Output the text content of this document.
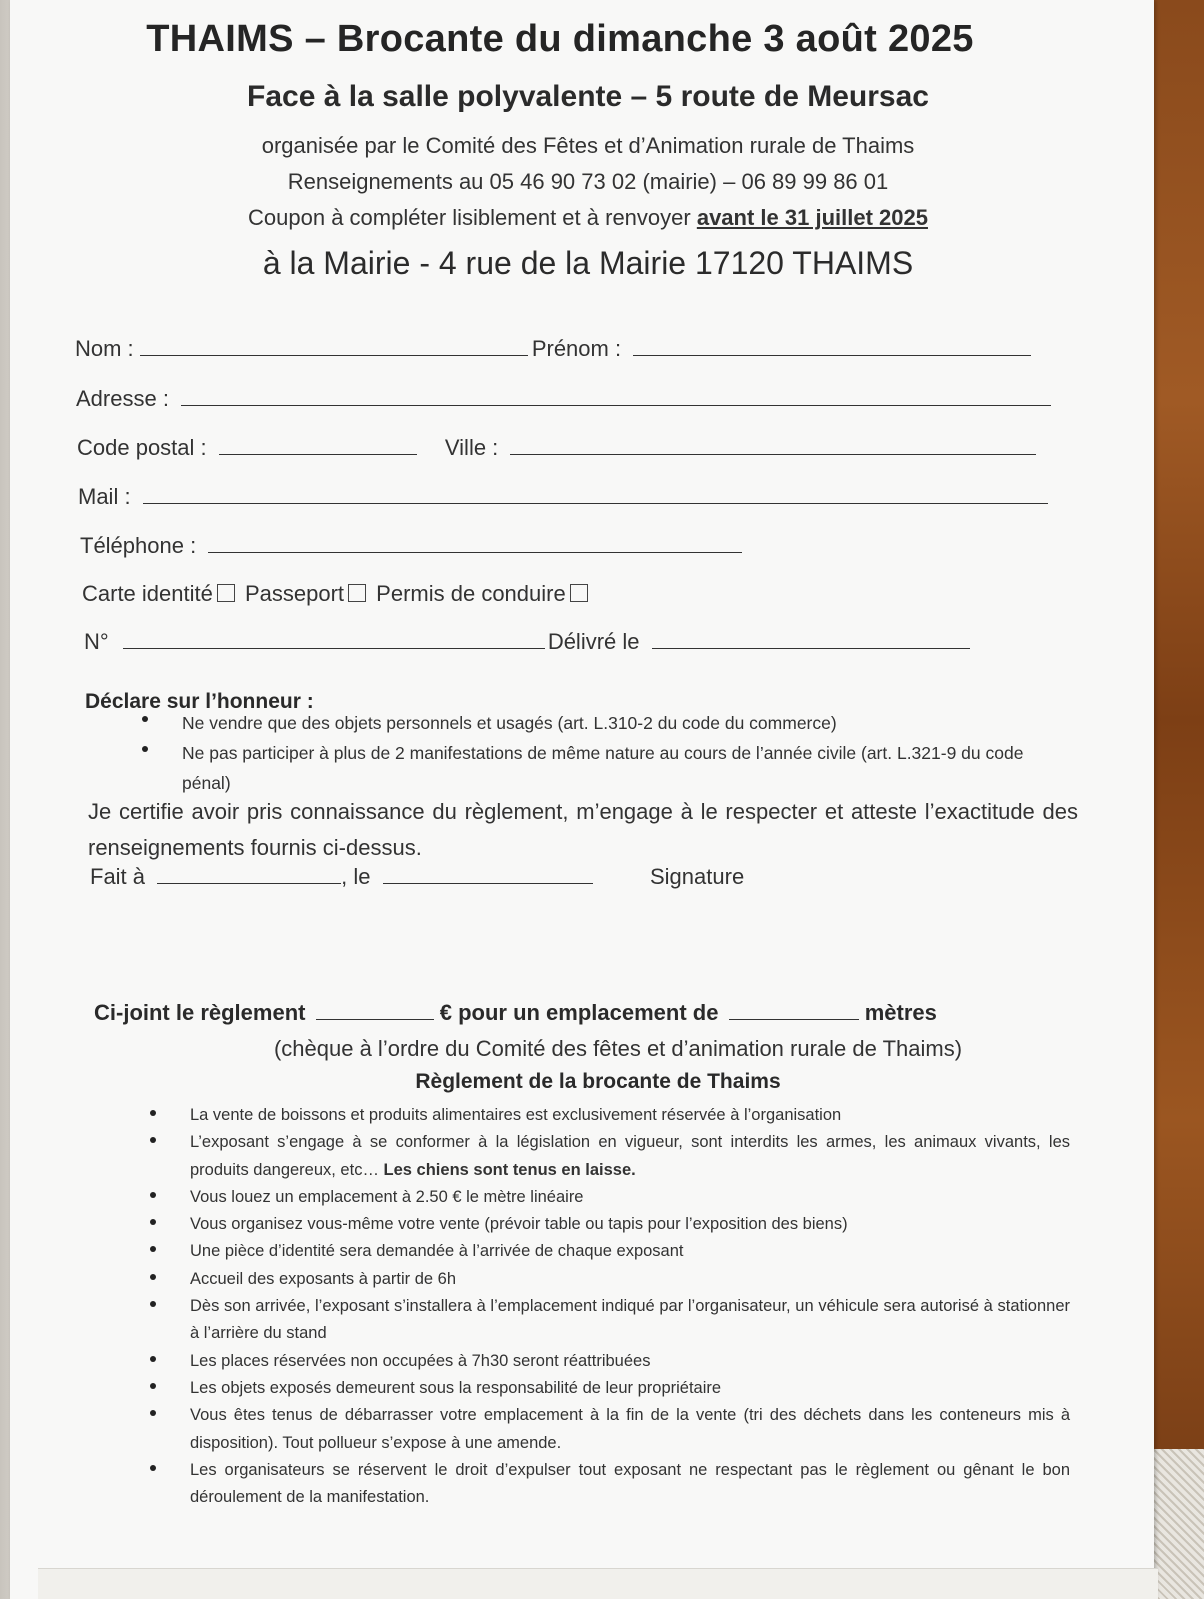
THAIMS – Brocante du dimanche 3 août 2025
Face à la salle polyvalente – 5 route de Meursac
organisée par le Comité des Fêtes et d’Animation rurale de Thaims
Renseignements au 05 46 90 73 02 (mairie) – 06 89 99 86 01
Coupon à compléter lisiblement et à renvoyer avant le 31 juillet 2025
à la Mairie - 4 rue de la Mairie 17120 THAIMS
Nom :	Prénom :
Adresse :
Code postal :	Ville :
Mail :
Téléphone :
Carte identité Passeport Permis de conduire
N°	Délivré le
Déclare sur l’honneur :
Ne vendre que des objets personnels et usagés (art. L.310-2 du code du commerce)
Ne pas participer à plus de 2 manifestations de même nature au cours de l’année civile (art. L.321-9 du code pénal)
Je certifie avoir pris connaissance du règlement, m’engage à le respecter et atteste l’exactitude des renseignements fournis ci-dessus.
Fait à	, le	Signature
Ci-joint le règlement	€ pour un emplacement de	mètres
(chèque à l’ordre du Comité des fêtes et d’animation rurale de Thaims)
Règlement de la brocante de Thaims
La vente de boissons et produits alimentaires est exclusivement réservée à l’organisation
L’exposant s’engage à se conformer à la législation en vigueur, sont interdits les armes, les animaux vivants, les produits dangereux, etc… Les chiens sont tenus en laisse.
Vous louez un emplacement à 2.50 € le mètre linéaire
Vous organisez vous-même votre vente (prévoir table ou tapis pour l’exposition des biens)
Une pièce d’identité sera demandée à l’arrivée de chaque exposant
Accueil des exposants à partir de 6h
Dès son arrivée, l’exposant s’installera à l’emplacement indiqué par l’organisateur, un véhicule sera autorisé à stationner à l’arrière du stand
Les places réservées non occupées à 7h30 seront réattribuées
Les objets exposés demeurent sous la responsabilité de leur propriétaire
Vous êtes tenus de débarrasser votre emplacement à la fin de la vente (tri des déchets dans les conteneurs mis à disposition). Tout pollueur s’expose à une amende.
Les organisateurs se réservent le droit d’expulser tout exposant ne respectant pas le règlement ou gênant le bon déroulement de la manifestation.
